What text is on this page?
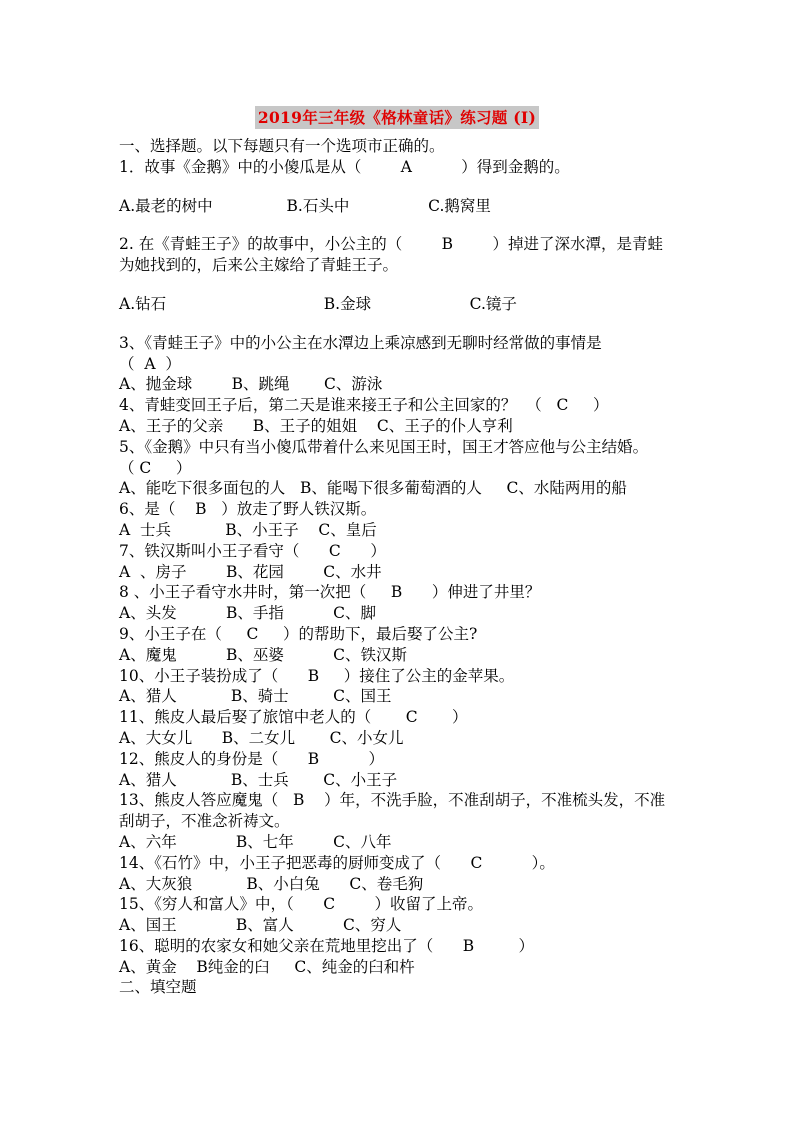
2019年三年级《格林童话》练习题 (I)
一、选择题。以下每题只有一个选项市正确的。
1．故事《金鹅》中的小傻瓜是从（        A          ）得到金鹅的。
A.最老的树中               B.石头中                C.鹅窝里
2. 在《青蛙王子》的故事中，小公主的（        B        ）掉进了深水潭，是青蛙
为她找到的，后来公主嫁给了青蛙王子。
A.钻石                                B.金球                    C.镜子
3、《青蛙王子》中的小公主在水潭边上乘凉感到无聊时经常做的事情是
（  A  ）
A、抛金球        B、跳绳       C、游泳
4、青蛙变回王子后，第二天是谁来接王子和公主回家的？  （   C     ）
A、王子的父亲      B、王子的姐姐    C、王子的仆人亨利
5、《金鹅》中只有当小傻瓜带着什么来见国王时，国王才答应他与公主结婚。
（ C     ）
A、能吃下很多面包的人   B、能喝下很多葡萄酒的人     C、水陆两用的船
6、是（    B   ）放走了野人铁汉斯。
A  士兵           B、小王子    C、皇后
7、铁汉斯叫小王子看守（      C      ）
A  、房子        B、花园        C、水井
8 、小王子看守水井时，第一次把（     B      ）伸进了井里？
A、头发          B、手指          C、脚
9、小王子在（     C     ）的帮助下，最后娶了公主?
A、魔鬼          B、巫婆          C、铁汉斯
10、小王子装扮成了（      B     ）接住了公主的金苹果。
A、猎人           B、骑士         C、国王
11、熊皮人最后娶了旅馆中老人的（       C       ）
A、大女儿      B、二女儿       C、小女儿
12、熊皮人的身份是（      B          ）
A、猎人           B、士兵       C、小王子
13、熊皮人答应魔鬼（   B    ）年，不洗手脸，不准刮胡子，不准梳头发，不准
刮胡子，不准念祈祷文。
A、六年            B、七年        C、八年
14、《石竹》中，小王子把恶毒的厨师变成了（      C          ）。
A、大灰狼           B、小白兔      C、卷毛狗
15、《穷人和富人》中，（      C        ）收留了上帝。
A、国王            B、富人          C、穷人
16、聪明的农家女和她父亲在荒地里挖出了（      B         ）
A、黄金    B纯金的臼     C、纯金的臼和杵
二、填空题
